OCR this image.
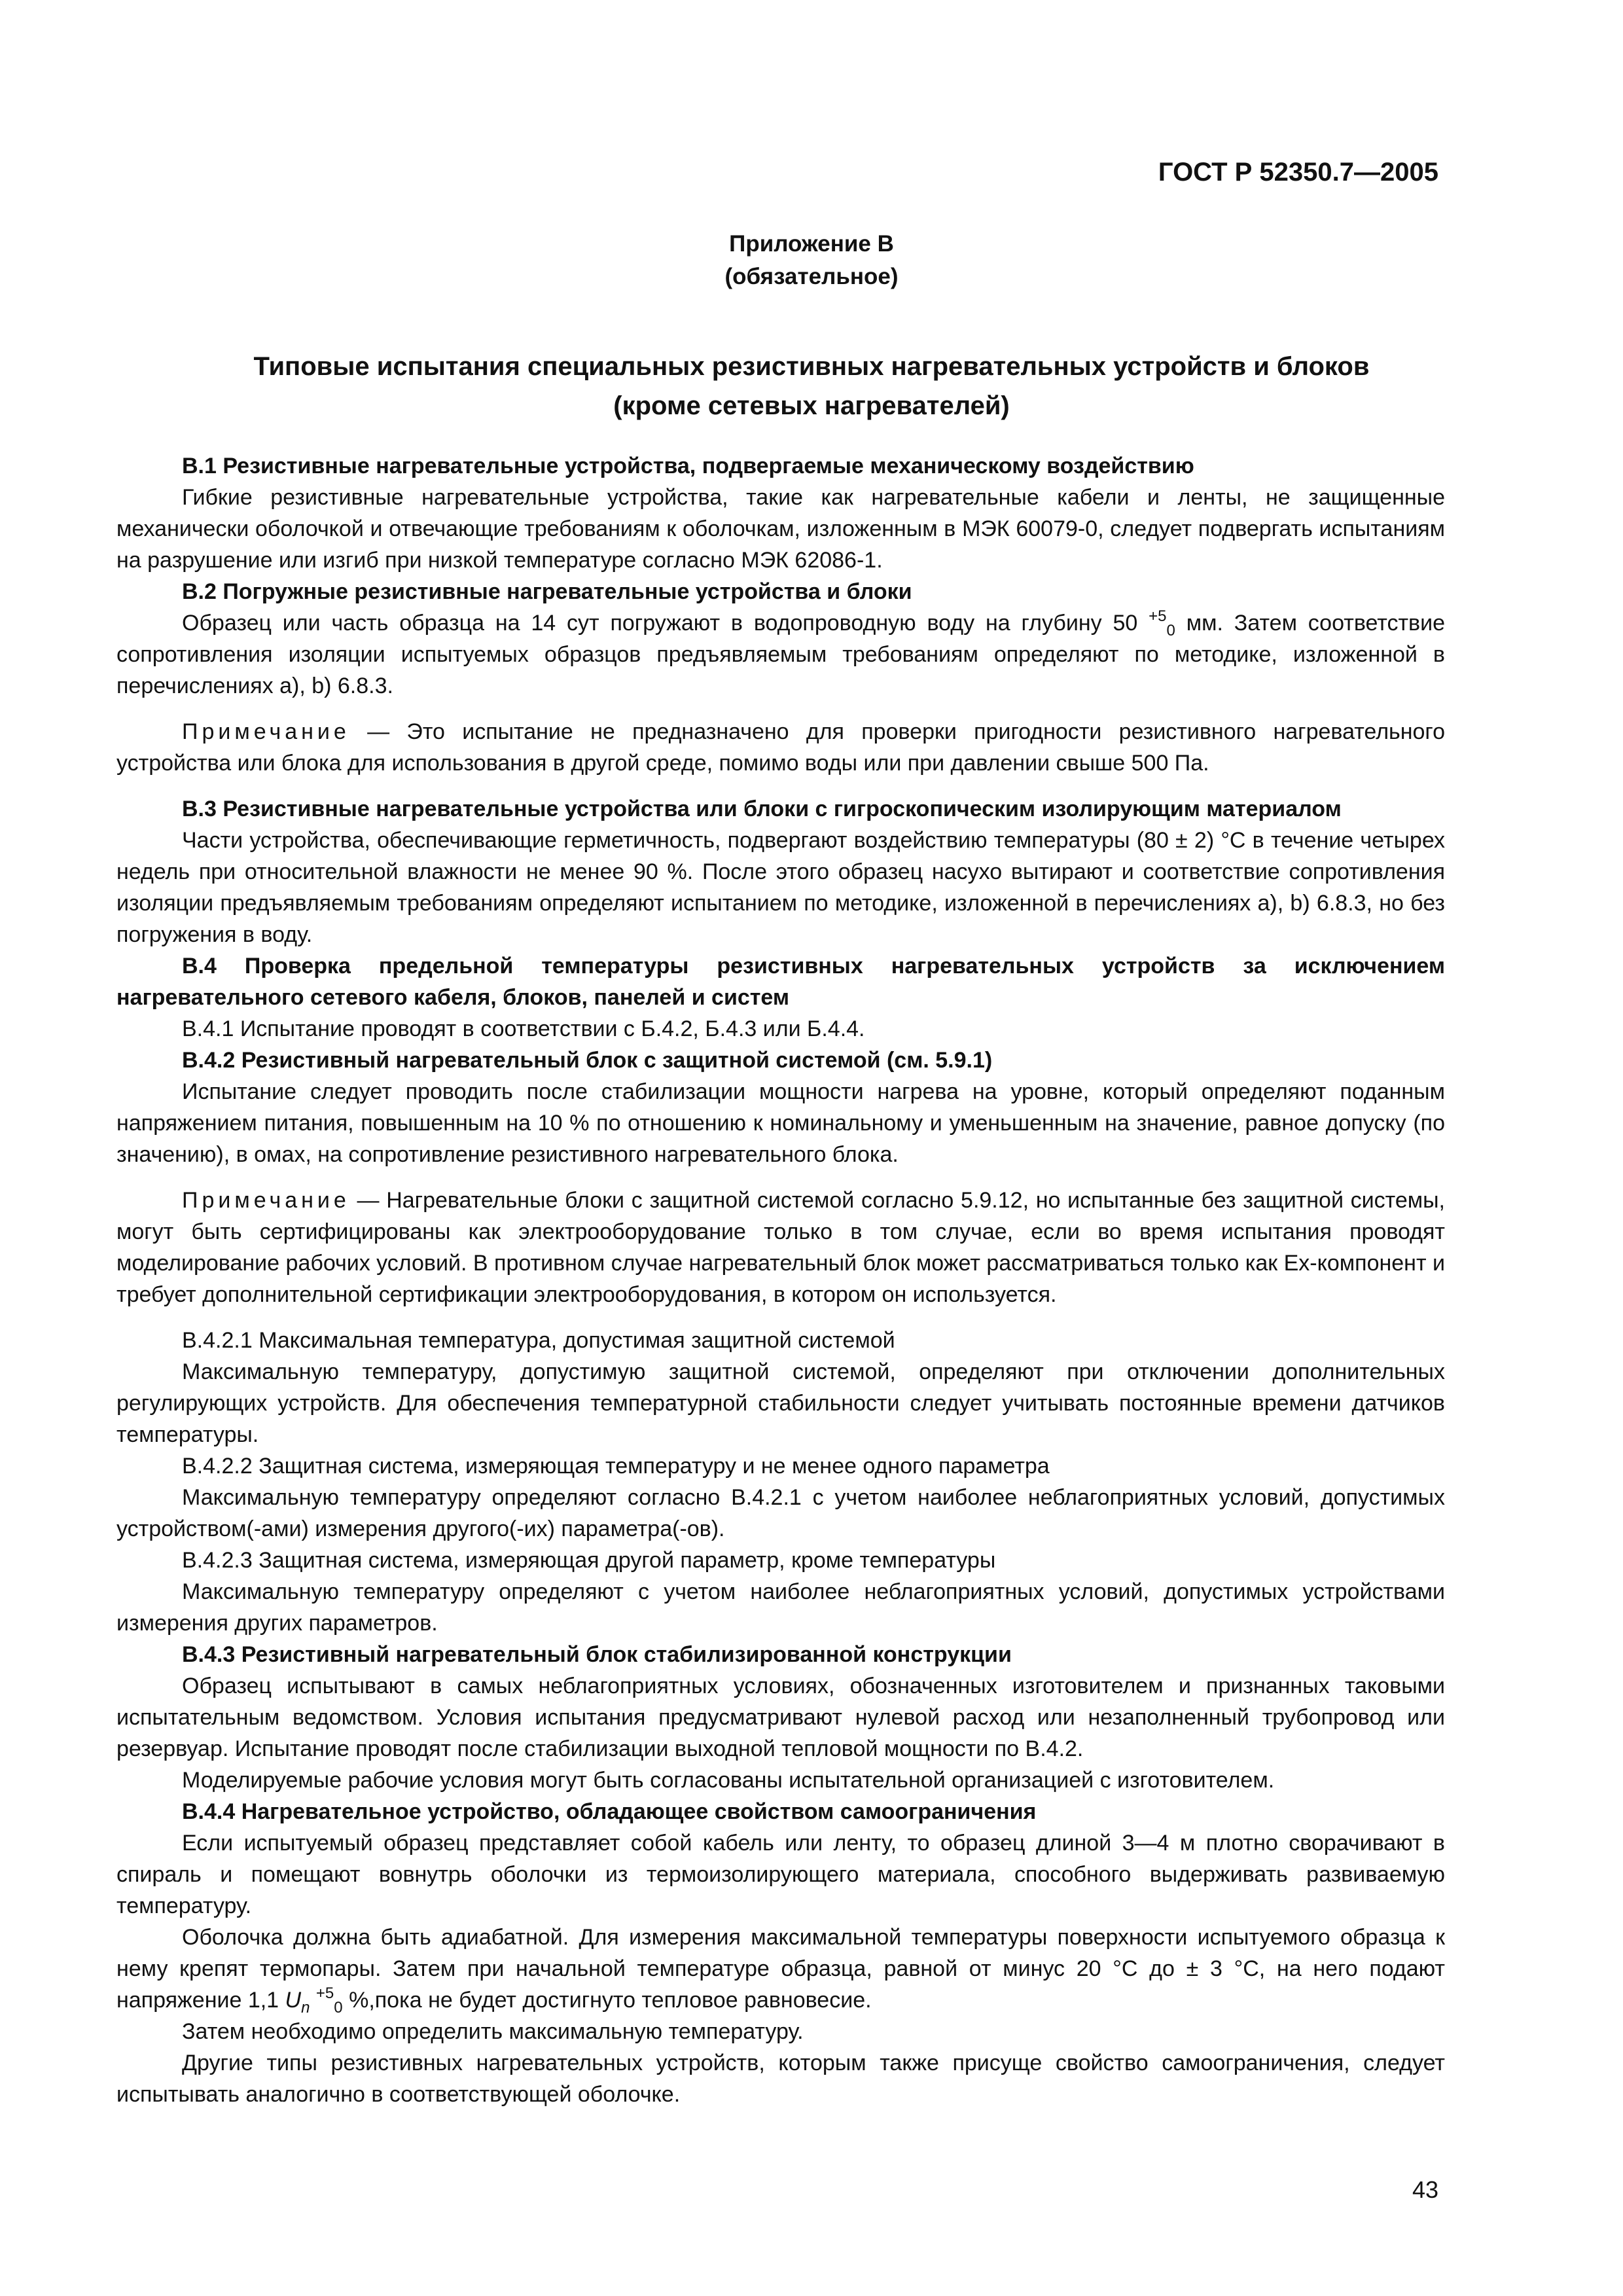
ГОСТ Р 52350.7—2005
Приложение В
(обязательное)
Типовые испытания специальных резистивных нагревательных устройств и блоков
(кроме сетевых нагревателей)

В.1 Резистивные нагревательные устройства, подвергаемые механическому воздействию

Гибкие резистивные нагревательные устройства, такие как нагревательные кабели и ленты, не защищенные механически оболочкой и отвечающие требованиям к оболочкам, изложенным в МЭК 60079-0, следует подвергать испытаниям на разрушение или изгиб при низкой температуре согласно МЭК 62086-1.

В.2 Погружные резистивные нагревательные устройства и блоки

Образец или часть образца на 14 сут погружают в водопроводную воду на глубину 50 $^{+5}_0$ мм. Затем соответствие сопротивления изоляции испытуемых образцов предъявляемым требованиям определяют по методике, изложенной в перечислениях а), b) 6.8.3.

Примечание — Это испытание не предназначено для проверки пригодности резистивного нагревательного устройства или блока для использования в другой среде, помимо воды или при давлении свыше 500 Па.

В.3 Резистивные нагревательные устройства или блоки с гигроскопическим изолирующим материалом

Части устройства, обеспечивающие герметичность, подвергают воздействию температуры (80 ± 2) °С в течение четырех недель при относительной влажности не менее 90 %. После этого образец насухо вытирают и соответствие сопротивления изоляции предъявляемым требованиям определяют испытанием по методике, изложенной в перечислениях а), b) 6.8.3, но без погружения в воду.

В.4 Проверка предельной температуры резистивных нагревательных устройств за исключением нагревательного сетевого кабеля, блоков, панелей и систем

В.4.1 Испытание проводят в соответствии с Б.4.2, Б.4.3 или Б.4.4.

В.4.2 Резистивный нагревательный блок с защитной системой (см. 5.9.1)

Испытание следует проводить после стабилизации мощности нагрева на уровне, который определяют поданным напряжением питания, повышенным на 10 % по отношению к номинальному и уменьшенным на значение, равное допуску (по значению), в омах, на сопротивление резистивного нагревательного блока.

Примечание — Нагревательные блоки с защитной системой согласно 5.9.12, но испытанные без защитной системы, могут быть сертифицированы как электрооборудование только в том случае, если во время испытания проводят моделирование рабочих условий. В противном случае нагревательный блок может рассматриваться только как Ex-компонент и требует дополнительной сертификации электрооборудования, в котором он используется.

В.4.2.1 Максимальная температура, допустимая защитной системой

Максимальную температуру, допустимую защитной системой, определяют при отключении дополнительных регулирующих устройств. Для обеспечения температурной стабильности следует учитывать постоянные времени датчиков температуры.

В.4.2.2 Защитная система, измеряющая температуру и не менее одного параметра

Максимальную температуру определяют согласно В.4.2.1 с учетом наиболее неблагоприятных условий, допустимых устройством(-ами) измерения другого(-их) параметра(-ов).

В.4.2.3 Защитная система, измеряющая другой параметр, кроме температуры

Максимальную температуру определяют с учетом наиболее неблагоприятных условий, допустимых устройствами измерения других параметров.

В.4.3 Резистивный нагревательный блок стабилизированной конструкции

Образец испытывают в самых неблагоприятных условиях, обозначенных изготовителем и признанных таковыми испытательным ведомством. Условия испытания предусматривают нулевой расход или незаполненный трубопровод или резервуар. Испытание проводят после стабилизации выходной тепловой мощности по В.4.2.

Моделируемые рабочие условия могут быть согласованы испытательной организацией с изготовителем.

В.4.4 Нагревательное устройство, обладающее свойством самоограничения

Если испытуемый образец представляет собой кабель или ленту, то образец длиной 3—4 м плотно сворачивают в спираль и помещают вовнутрь оболочки из термоизолирующего материала, способного выдерживать развиваемую температуру.

Оболочка должна быть адиабатной. Для измерения максимальной температуры поверхности испытуемого образца к нему крепят термопары. Затем при начальной температуре образца, равной от минус 20 °С до ± 3 °С, на него подают напряжение 1,1 $U_n$ $^{+5}_0$ %,пока не будет достигнуто тепловое равновесие.

Затем необходимо определить максимальную температуру.

Другие типы резистивных нагревательных устройств, которым также присуще свойство самоограничения, следует испытывать аналогично в соответствующей оболочке.

43
